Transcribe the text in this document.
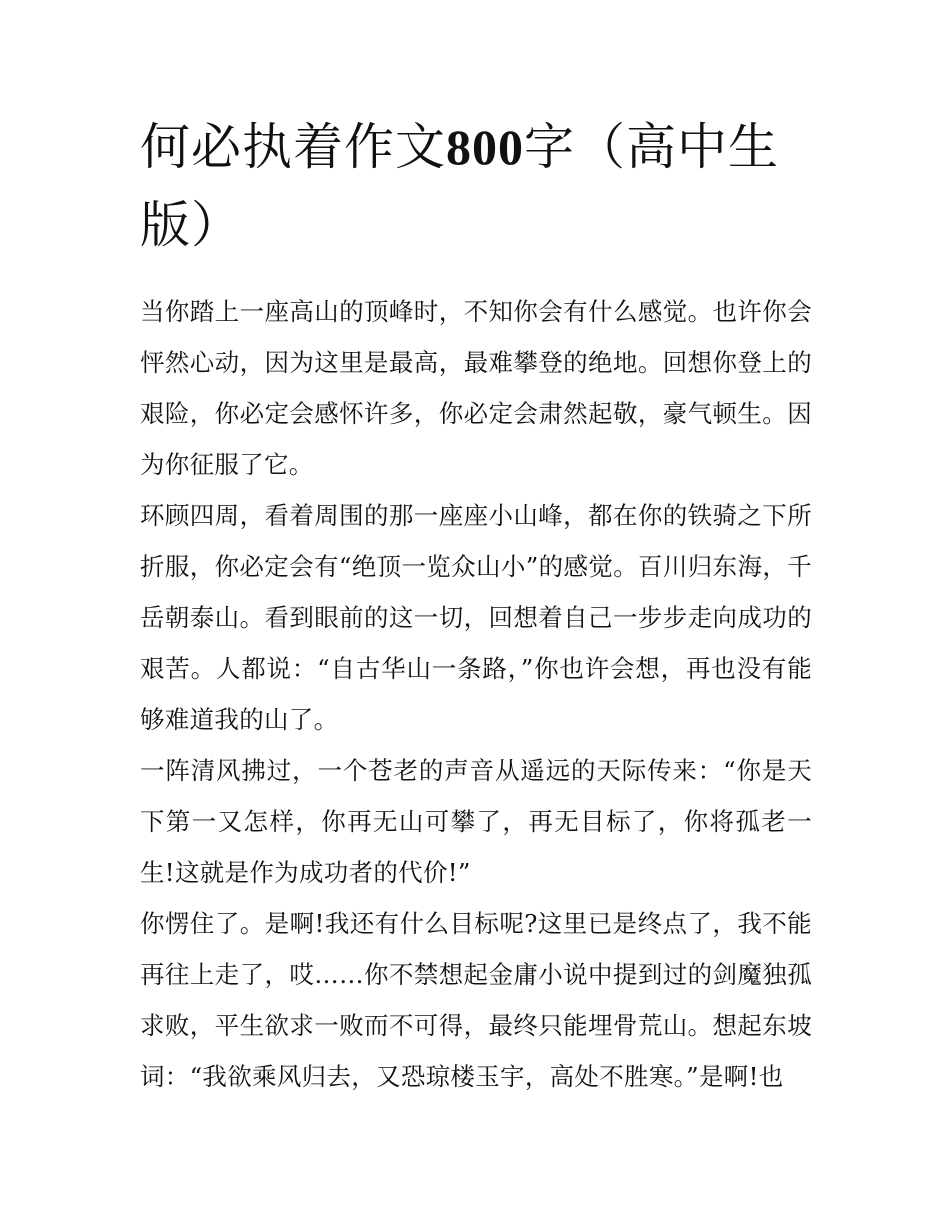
何必执着作文800字（高中生版）

当你踏上一座高山的顶峰时，不知你会有什么感觉。也许你会怦然心动，因为这里是最高，最难攀登的绝地。回想你登上的艰险，你必定会感怀许多，你必定会肃然起敬，豪气顿生。因为你征服了它。

环顾四周，看着周围的那一座座小山峰，都在你的铁骑之下所折服，你必定会有“绝顶一览众山小”的感觉。百川归东海，千岳朝泰山。看到眼前的这一切，回想着自己一步步走向成功的艰苦。人都说：“自古华山一条路，”你也许会想，再也没有能够难道我的山了。

一阵清风拂过，一个苍老的声音从遥远的天际传来：“你是天下第一又怎样，你再无山可攀了，再无目标了，你将孤老一生!这就是作为成功者的代价!”

你愣住了。是啊!我还有什么目标呢?这里已是终点了，我不能再往上走了，哎……你不禁想起金庸小说中提到过的剑魔独孤求败，平生欲求一败而不可得，最终只能埋骨荒山。想起东坡词：“我欲乘风归去，又恐琼楼玉宇，高处不胜寒。”是啊!也
